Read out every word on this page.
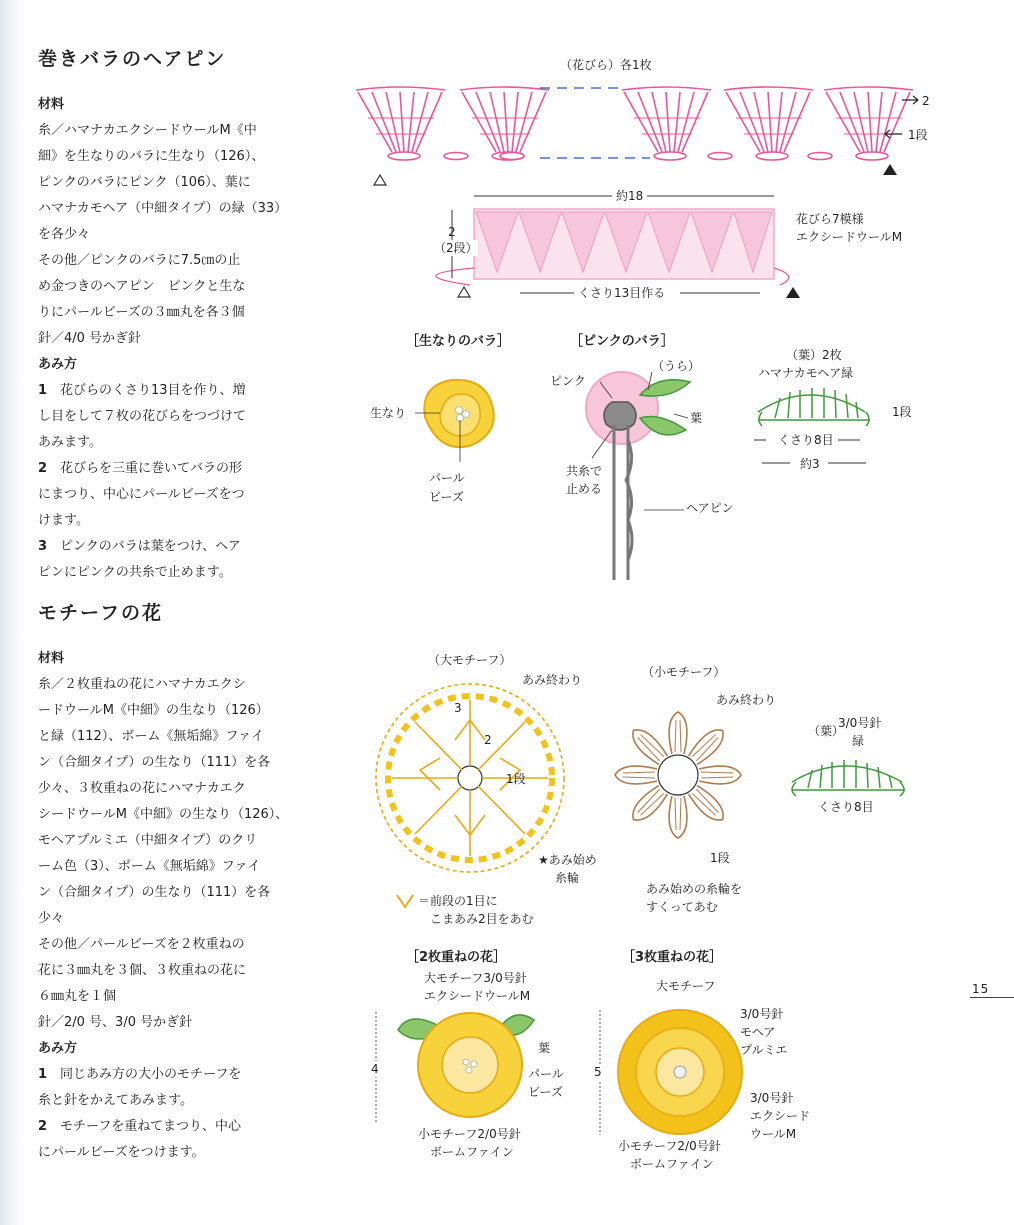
巻きバラのヘアピン
材料
糸／ハマナカエクシードウールM《中
細》を生なりのバラに生なり（126）、
ピンクのバラにピンク（106）、葉に
ハマナカモヘア（中細タイプ）の緑（33）
を各少々
その他／ピンクのバラに7.5㎝の止
め金つきのヘアピン　ピンクと生な
りにパールビーズの３㎜丸を各３個
針／4/0 号かぎ針
あみ方
1 花びらのくさり13目を作り、増
し目をして７枚の花びらをつづけて
あみます。
2 花びらを三重に巻いてバラの形
にまつり、中心にパールビーズをつ
けます。
3 ピンクのバラは葉をつけ、ヘア
ピンにピンクの共糸で止めます。
モチーフの花
材料
糸／２枚重ねの花にハマナカエクシ
ードウールM《中細》の生なり（126）
と緑（112）、ボーム《無垢綿》ファイ
ン（合細タイプ）の生なり（111）を各
少々、３枚重ねの花にハマナカエク
シードウールM《中細》の生なり（126）、
モヘアプルミエ（中細タイプ）のクリ
ーム色（3）、ボーム《無垢綿》ファイ
ン（合細タイプ）の生なり（111）を各
少々
その他／パールビーズを２枚重ねの
花に３㎜丸を３個、３枚重ねの花に
６㎜丸を１個
針／2/0 号、3/0 号かぎ針
あみ方
1 同じあみ方の大小のモチーフを
糸と針をかえてあみます。
2 モチーフを重ねてまつり、中心
にパールビーズをつけます。
（花びら）各1枚
2
1段
約18
2
（2段）
花びら7模様
エクシードウールM
くさり13目作る
［生なりのバラ］
生なり
パール
ビーズ
［ピンクのバラ］
（うら）
ピンク
葉
共糸で
止める
ヘアピン
（葉）2枚
ハマナカモヘア緑
1段
くさり8目
約3
（大モチーフ）
あみ終わり
3
2
1段
★あみ始め
糸輪
＝前段の1目に
こまあみ2目をあむ
（小モチーフ）
あみ終わり
1段
あみ始めの糸輪を
すくってあむ
（葉）
3/0号針
緑
くさり8目
［2枚重ねの花］
大モチーフ3/0号針
エクシードウールM
葉
パール
ビーズ
小モチーフ2/0号針
ボームファイン
4
［3枚重ねの花］
大モチーフ
3/0号針
モヘア
プルミエ
3/0号針
エクシード
ウールM
小モチーフ2/0号針
ボームファイン
5
15
